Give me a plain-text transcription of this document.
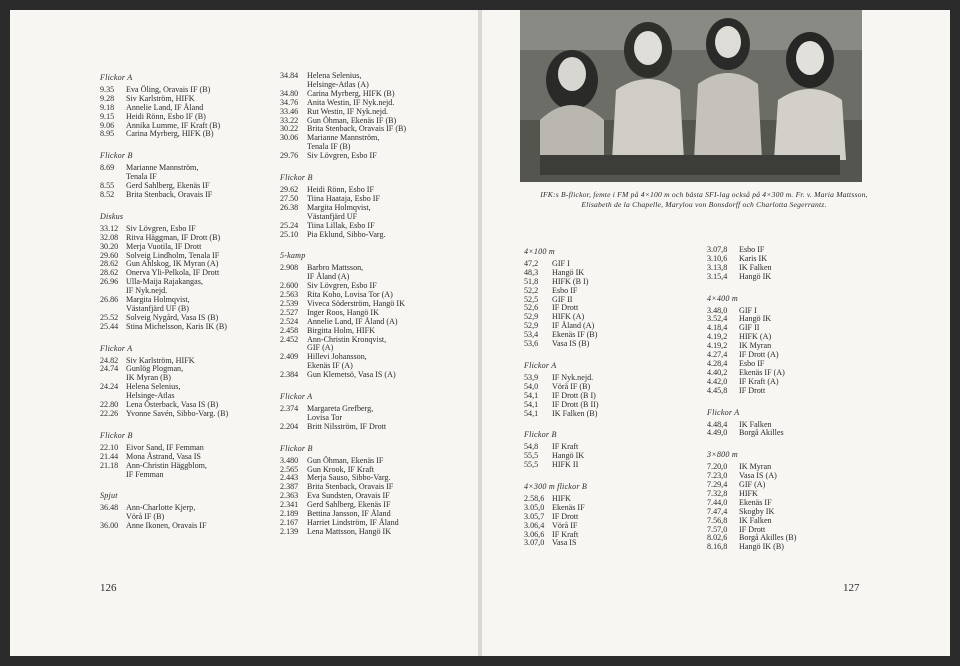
Flickor A
9.35	Eva Öling, Oravais IF (B)
9.28	Siv Karlström, HIFK
9.18	Annelie Land, IF Åland
9.15	Heidi Rönn, Esbo IF (B)
9.06	Annika Lumme, IF Kraft (B)
8.95	Carina Myrberg, HIFK (B)
Flickor B
8.69	Marianne Mannström,
Tenala IF
8.55	Gerd Sahlberg, Ekenäs IF
8.52	Brita Stenback, Oravais IF
Diskus
33.12 Siv Lövgren, Esbo IF
32.08 Ritva Häggman, IF Drott (B)
30.20 Merja Vuotila, IF Drott
29.60 Solveig Lindholm, Tenala IF
28.62 Gun Ahlskog, IK Myran (A)
28.62 Onerva Yli-Pelkola, IF Drott
26.96 Ulla-Maija Rajakangas,
IF Nyk.nejd.
26.86 Margita Holmqvist,
Västanfjärd UF (B)
25.52 Solveig Nygård, Vasa IS (B)
25.44 Stina Michelsson, Karis IK (B)
Flickor A
24.82 Siv Karlström, HIFK
24.74 Gunlög Plogman,
IK Myran (B)
24.24 Helena Selenius,
Helsinge-Atlas
22.80 Lena Österback, Vasa IS (B)
22.26 Yvonne Savén, Sibbo-Varg. (B)
Flickor B
22.10 Eivor Sand, IF Femman
21.44 Mona Åstrand, Vasa IS
21.18 Ann-Christin Häggblom,
IF Femman
Spjut
36.48 Ann-Charlotte Kjerp,
Vörå IF (B)
36.00 Anne Ikonen, Oravais IF
34.84	Helena Selenius,
Helsinge-Atlas (A)
34.80	Carina Myrberg, HIFK (B)
34.76	Anita Westin, IF Nyk.nejd.
33.46	Rut Westin, IF Nyk.nejd.
33.22	Gun Öhman, Ekenäs IF (B)
30.22	Brita Stenback, Oravais IF (B)
30.06	Marianne Mannström,
Tenala IF (B)
29.76	Siv Lövgren, Esbo IF
Flickor B
29.62	Heidi Rönn, Esbo IF
27.50	Tiina Haataja, Esbo IF
26.38	Margita Holmqvist,
Västanfjärd UF
25.24	Tiina Lillak, Esbo IF
25.10	Pia Eklund, Sibbo-Varg.
5-kamp
2.908	Barbro Mattsson,
IF Åland (A)
2.600	Siv Lövgren, Esbo IF
2.563	Rita Koho, Lovisa Tor (A)
2.539	Viveca Söderström, Hangö IK
2.527	Inger Roos, Hangö IK
2.524	Annelie Land, IF Åland (A)
2.458	Birgitta Holm, HIFK
2.452	Ann-Christin Kronqvist,
GIF (A)
2.409	Hillevi Johansson,
Ekenäs IF (A)
2.384	Gun Klemetsö, Vasa IS (A)
Flickor A
2.374	Margareta Grefberg,
Lovisa Tor
2.204	Britt Nilsström, IF Drott
Flickor B
3.480	Gun Öhman, Ekenäs IF
2.565	Gun Krook, IF Kraft
2.443	Merja Sauso, Sibbo-Varg.
2.387	Brita Stenback, Oravais IF
2.363	Eva Sundsten, Oravais IF
2.341	Gerd Sahlberg, Ekenäs IF
2.189	Bettina Jansson, IF Åland
2.167	Harriet Lindström, IF Åland
2.139	Lena Mattsson, Hangö IK
126
IFK:s B-flickor, femte i FM på 4×100 m och bästa SFI-lag också på 4×300 m. Fr. v. Maria Mattsson, Elisabeth de la Chapelle, Marylou von Bonsdorff och Charlotta Segerrantz.
4×100 m
47,2	GIF I
48,3	Hangö IK
51,8	HIFK (B I)
52,2	Esbo IF
52,5	GIF II
52,6	IF Drott
52,9	HIFK (A)
52,9	IF Åland (A)
53,4	Ekenäs IF (B)
53,6	Vasa IS (B)
Flickor A
53,9	IF Nyk.nejd.
54,0	Vörå IF (B)
54,1	IF Drott (B I)
54,1	IF Drott (B II)
54,1	IK Falken (B)
Flickor B
54,8	IF Kraft
55,5	Hangö IK
55,5	HIFK II
4×300 m flickor B
2.58,6 HIFK
3.05,0 Ekenäs IF
3.05,7 IF Drott
3.06,4 Vörå IF
3.06,6 IF Kraft
3.07,0 Vasa IS
3.07,8	Esbo IF
3.10,6	Karis IK
3.13,8	IK Falken
3.15,4	Hangö IK
4×400 m
3.48,0	GIF I
3.52,4	Hangö IK
4.18,4	GIF II
4.19,2	HIFK (A)
4.19,2	IK Myran
4.27,4	IF Drott (A)
4.28,4	Esbo IF
4.40,2	Ekenäs IF (A)
4.42,0	IF Kraft (A)
4.45,8	IF Drott
Flickor A
4.48,4	IK Falken
4.49,0	Borgå Akilles
3×800 m
7.20,0	IK Myran
7.23,0	Vasa IS (A)
7.29,4	GIF (A)
7.32,8	HIFK
7.44,0	Ekenäs IF
7.47,4	Skogby IK
7.56,8	IK Falken
7.57,0	IF Drott
8.02,6	Borgå Akilles (B)
8.16,8	Hangö IK (B)
127
